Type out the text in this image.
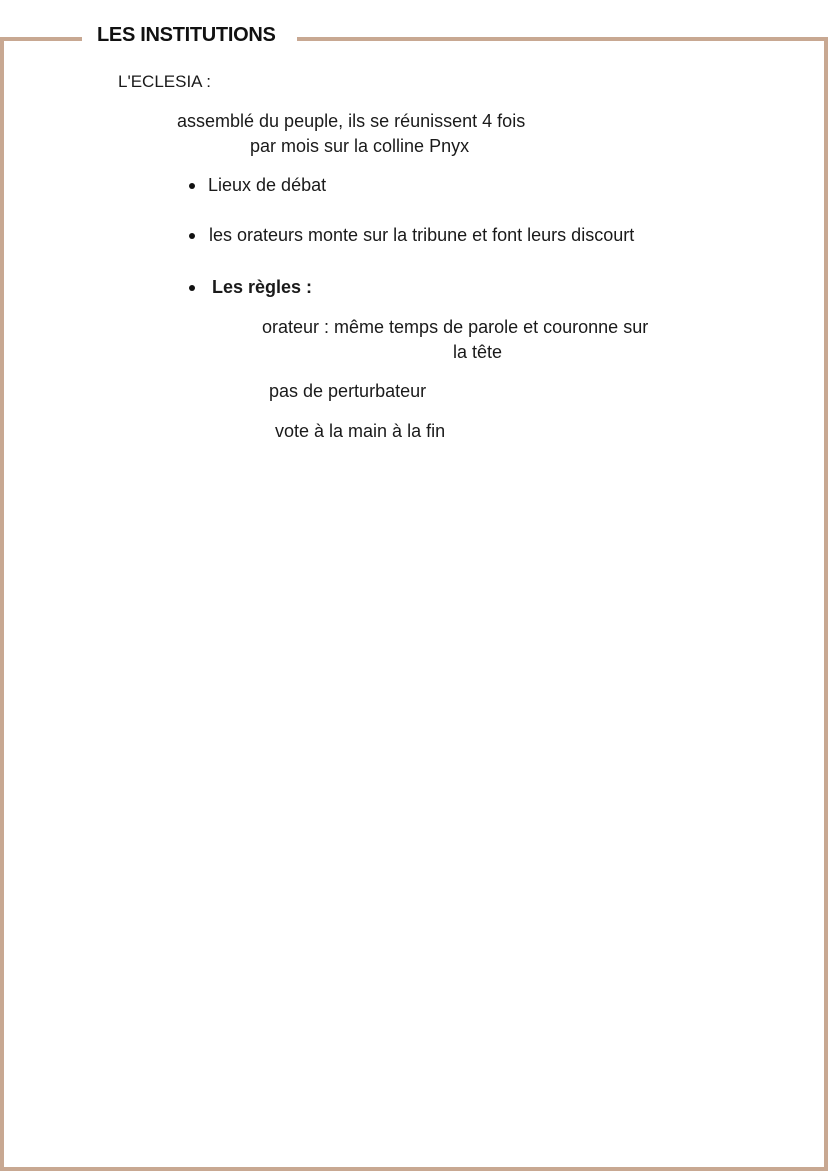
LES INSTITUTIONS
L'ECLESIA :
assemblé du peuple, ils se réunissent 4 fois
par mois sur la colline Pnyx
Lieux de débat
les orateurs monte sur la tribune et font leurs discourt
Les règles :
orateur : même temps de parole et couronne sur
la tête
pas de perturbateur
vote à la main à la fin
